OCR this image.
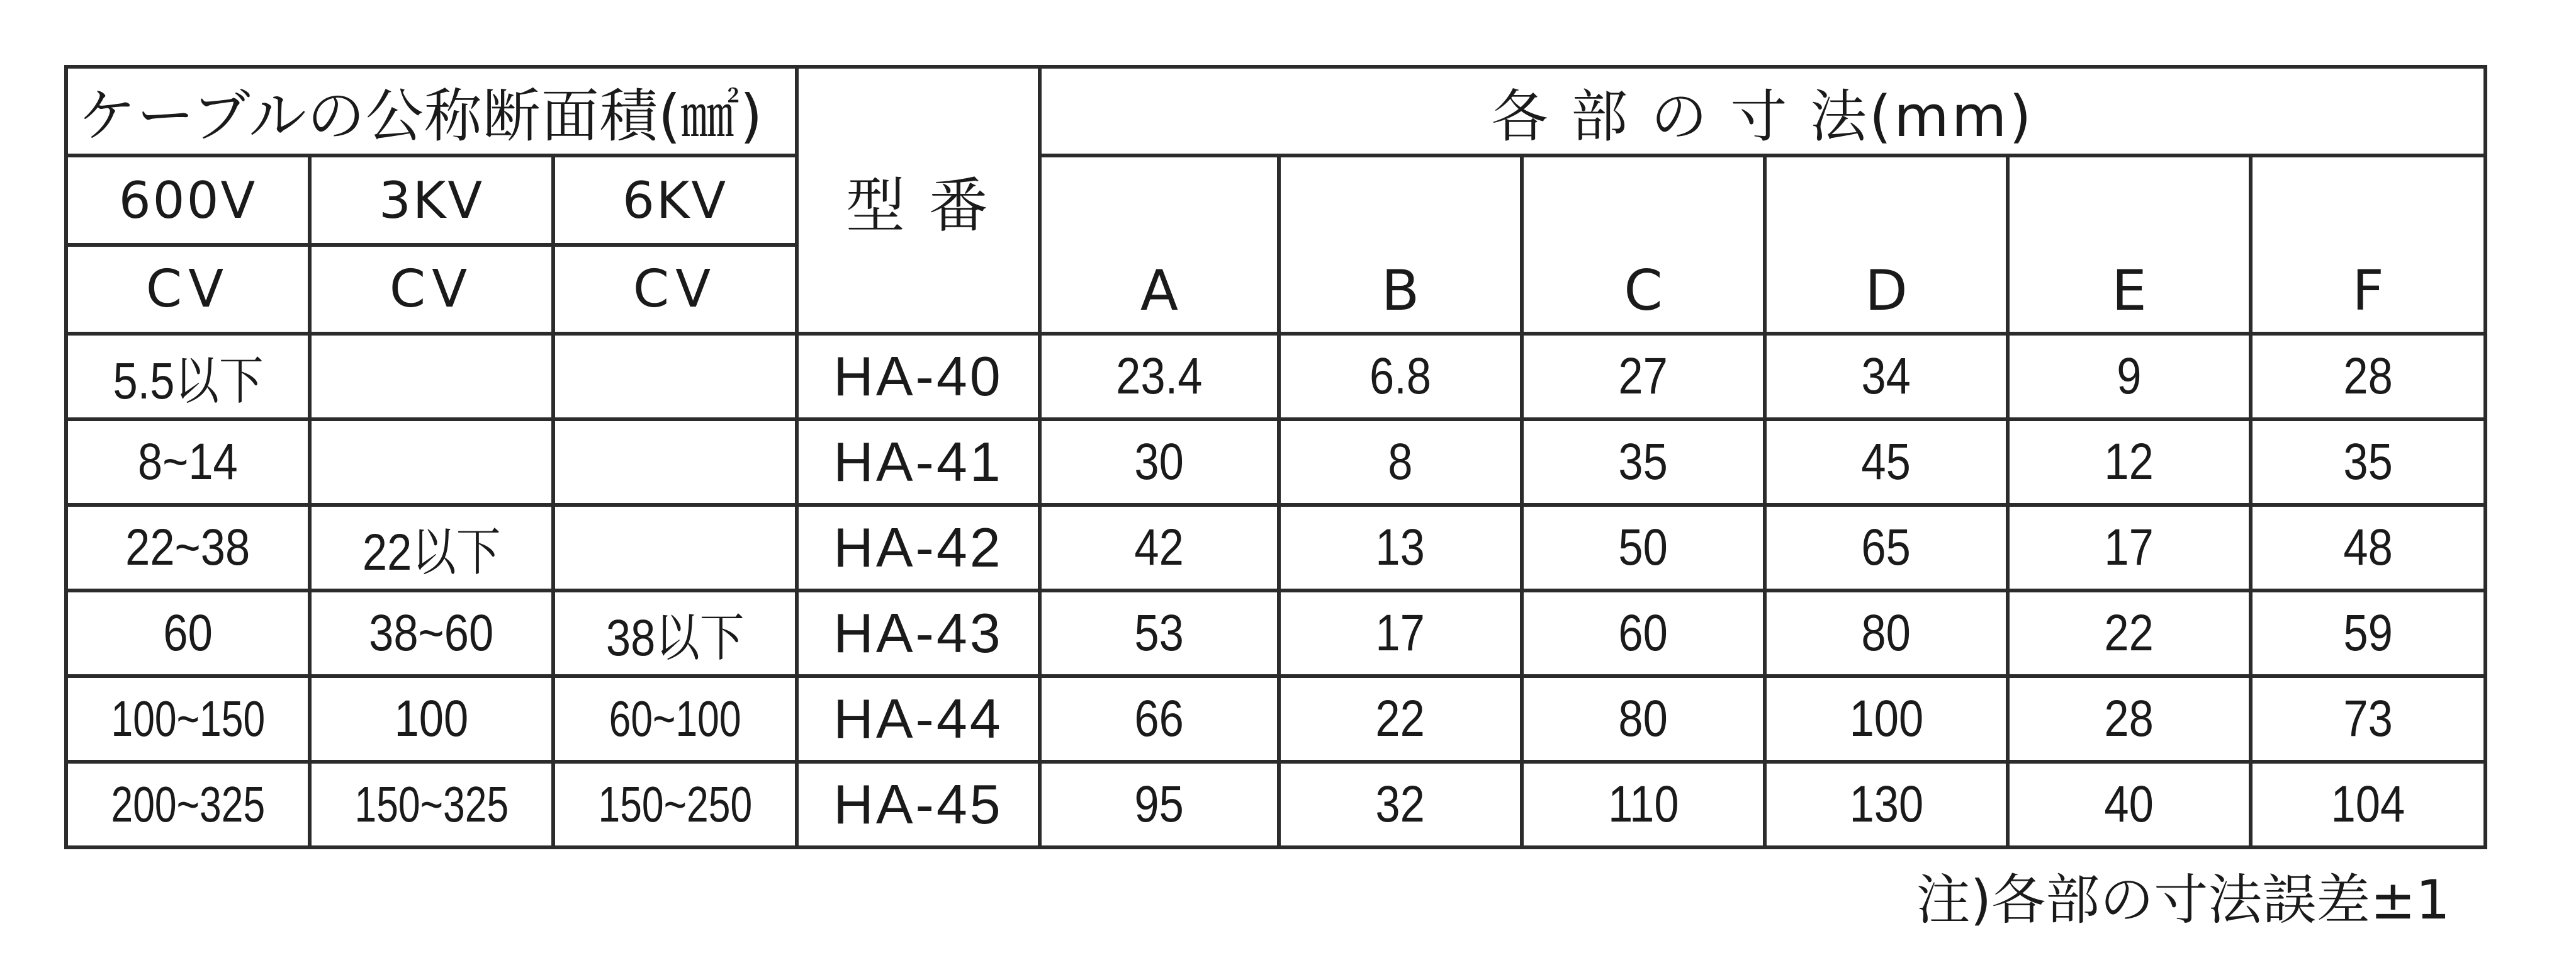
ケーブルの公称断面積(㎟)			型 番	各 部 の 寸 法(mm)					
600V	3KV	6KV		A	B	C	D	E	F
CV	CV	CV							
5.5以下			HA-40	23.4	6.8	27	34	9	28
8~14			HA-41	30	8	35	45	12	35
22~38	22以下		HA-42	42	13	50	65	17	48
60	38~60	38以下	HA-43	53	17	60	80	22	59
100~150	100	60~100	HA-44	66	22	80	100	28	73
200~325	150~325	150~250	HA-45	95	32	110	130	40	104
注)各部の寸法誤差±1
